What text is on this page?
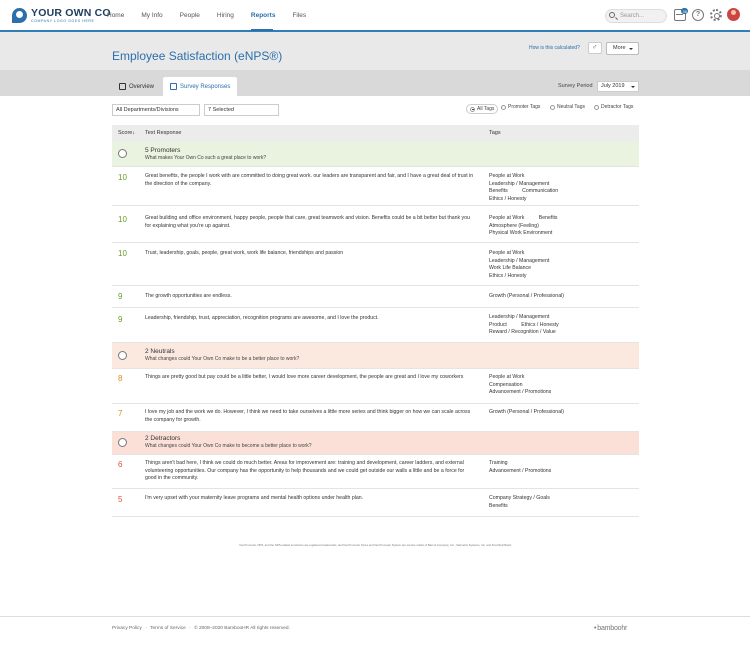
YOUR OWN CO
COMPANY LOGO GOES HERE
Home	My Info	People	Hiring	Reports	Files	Search...
36	?
Employee Satisfaction (eNPS®)
How is this calculated? ♂	More
Overview	Survey Responses	Survey Period	July 2019
All Departments/Divisions	7 Selected	All Tags	Promoter Tags	Neutral Tags	Detractor Tags
Score↓ Text Response	Tags
5 Promoters
What makes Your Own Co such a great place to work?
10	Great benefits, the people I work with are committed to doing great work. our leaders are transparent and fair, and I have a great deal of trust in the direction of the company.
People at Work
Leadership / Management
Benefits          Communication
Ethics / Honesty
10	Great building and office environment, happy people, people that care, great teamwork and vision. Benefits could be a bit better but thank you for explaining what you're up against.
People at Work          Benefits
Atmosphere (Feeling)
Physical Work Environment
10	Trust, leadership, goals, people, great work, work life balance, friendships and passion	People at Work
Leadership / Management
Work Life Balance
Ethics / Honesty
9	The growth opportunities are endless.	Growth (Personal / Professional)
9	Leadership, friendship, trust, appreciation, recognition programs are awesome, and I love the product.	Leadership / Management
Product          Ethics / Honesty
Reward / Recognition / Value
2 Neutrals
What changes could Your Own Co make to be a better place to work?
8	Things are pretty good but pay could be a little better, I would love more career development, the people are great and I love my coworkers	People at Work
Compensation
Advancement / Promotions
7	I love my job and the work we do. However, I think we need to take ourselves a little more series and think bigger on how we can scale across the company for growth.
Growth (Personal / Professional)
2 Detractors
What changes could Your Own Co make to become a better place to work?
6	Things aren't bad here, I think we could do much better. Areas for improvement are: training and development, career ladders, and external volunteering opportunities. Our company has the opportunity to help thousands and we could get outside our walls a little and be a force for good in the community.
Training
Advancement / Promotions
5	I'm very upset with your maternity leave programs and mental health options under health plan.	Company Strategy / Goals
Benefits
Net Promoter, NPS, and the NPS-related emoticons are registered trademarks, and Net Promoter Score and Net Promoter System are service marks of Bain & Company, Inc., Satmetrix Systems, Inc. and Fred Reichheld.
Privacy Policy · Terms of Service · © 2008–2020 BambooHR All rights reserved.	• bamboohr
